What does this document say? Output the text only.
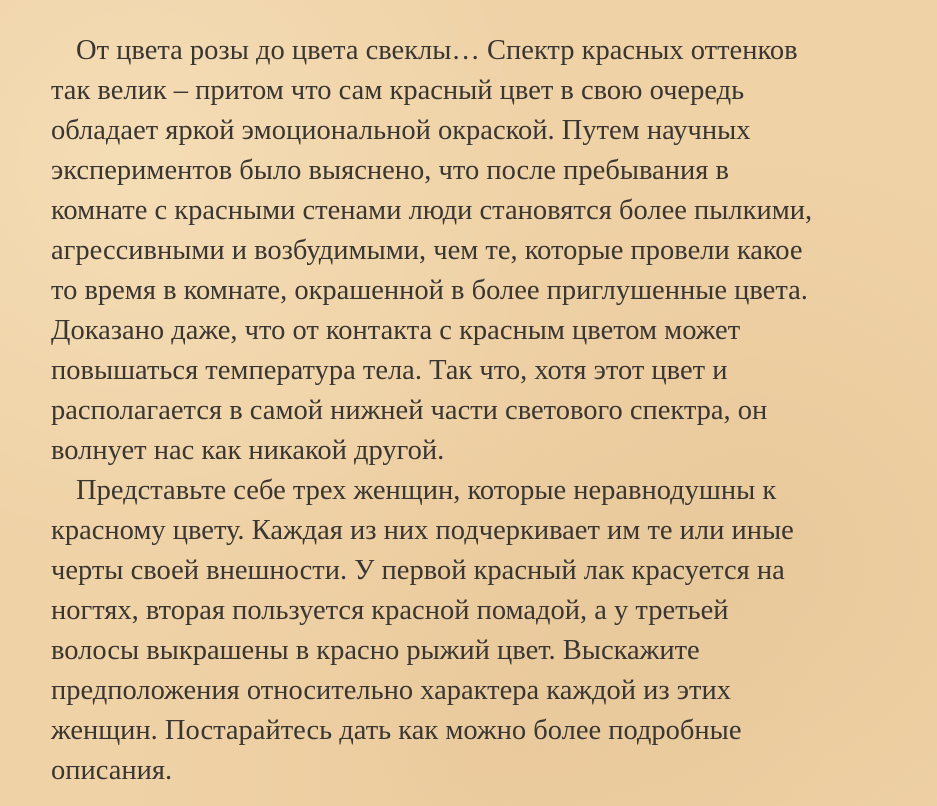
От цвета розы до цвета свеклы… Спектр красных оттенков
так велик – притом что сам красный цвет в свою очередь
обладает яркой эмоциональной окраской. Путем научных
экспериментов было выяснено, что после пребывания в
комнате с красными стенами люди становятся более пылкими,
агрессивными и возбудимыми, чем те, которые провели какое
то время в комнате, окрашенной в более приглушенные цвета.
Доказано даже, что от контакта с красным цветом может
повышаться температура тела. Так что, хотя этот цвет и
располагается в самой нижней части светового спектра, он
волнует нас как никакой другой.
Представьте себе трех женщин, которые неравнодушны к
красному цвету. Каждая из них подчеркивает им те или иные
черты своей внешности. У первой красный лак красуется на
ногтях, вторая пользуется красной помадой, а у третьей
волосы выкрашены в красно рыжий цвет. Выскажите
предположения относительно характера каждой из этих
женщин. Постарайтесь дать как можно более подробные
описания.
